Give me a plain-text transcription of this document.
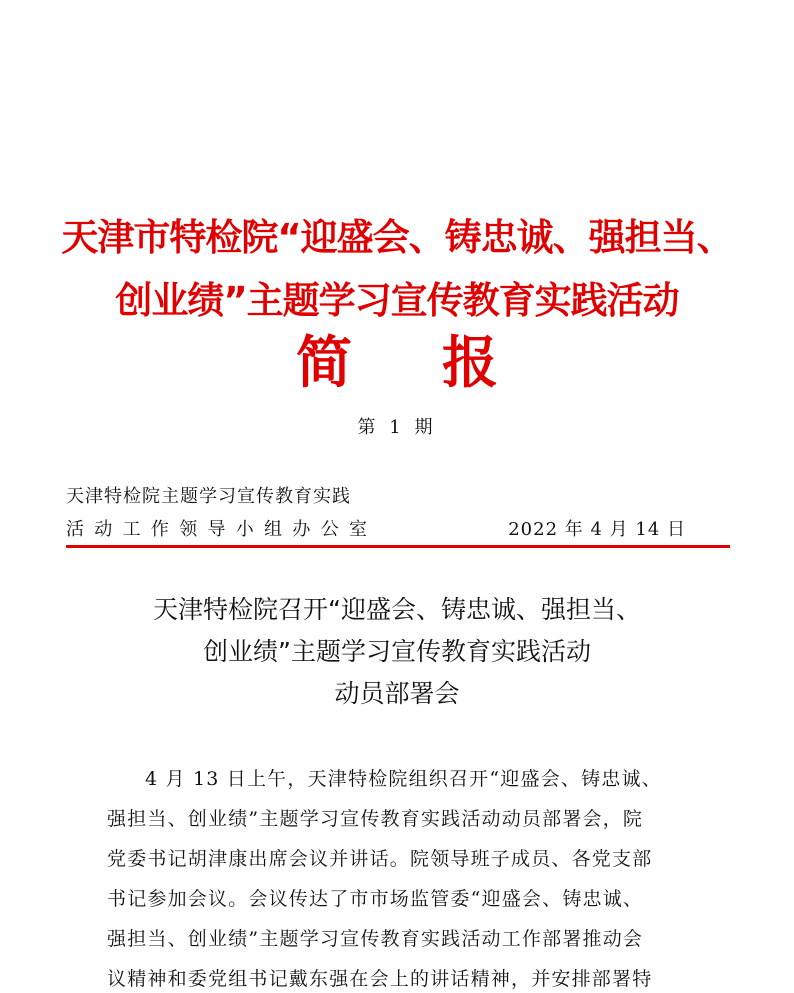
天津市特检院“迎盛会、铸忠诚、强担当、
创业绩”主题学习宣传教育实践活动
简 报
第 1 期
天津特检院主题学习宣传教育实践
活动工作领导小组办公室	2022 年 4 月 14 日
天津特检院召开“迎盛会、铸忠诚、强担当、
创业绩”主题学习宣传教育实践活动
动员部署会
4 月 13 日上午，天津特检院组织召开“迎盛会、铸忠诚、
强担当、创业绩”主题学习宣传教育实践活动动员部署会，院
党委书记胡津康出席会议并讲话。院领导班子成员、各党支部
书记参加会议。会议传达了市市场监管委“迎盛会、铸忠诚、
强担当、创业绩”主题学习宣传教育实践活动工作部署推动会
议精神和委党组书记戴东强在会上的讲话精神，并安排部署特
